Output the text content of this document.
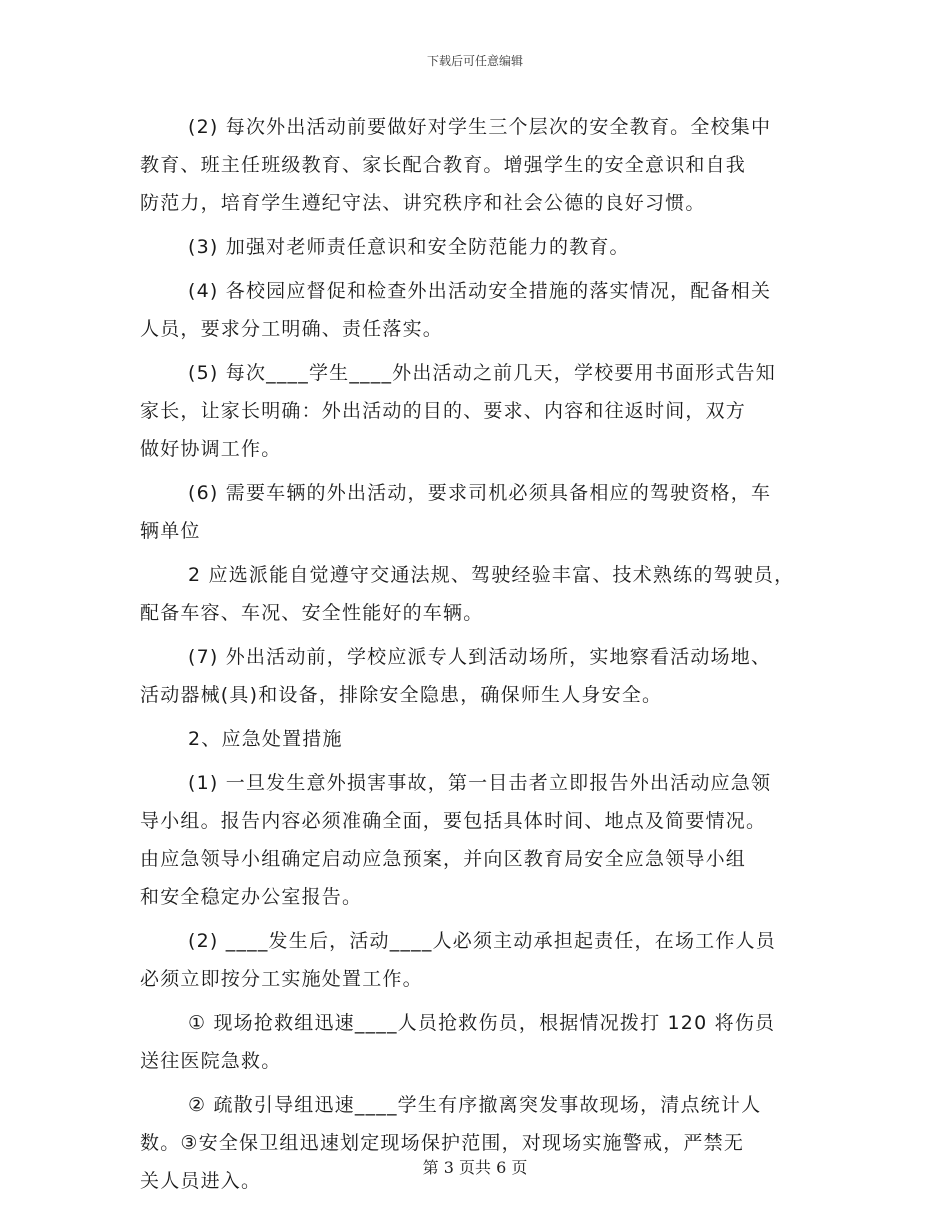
下载后可任意编辑
(2) 每次外出活动前要做好对学生三个层次的安全教育。全校集中
教育、班主任班级教育、家长配合教育。增强学生的安全意识和自我
防范力，培育学生遵纪守法、讲究秩序和社会公德的良好习惯。
(3) 加强对老师责任意识和安全防范能力的教育。
(4) 各校园应督促和检查外出活动安全措施的落实情况，配备相关
人员，要求分工明确、责任落实。
(5) 每次____学生____外出活动之前几天，学校要用书面形式告知
家长，让家长明确：外出活动的目的、要求、内容和往返时间，双方
做好协调工作。
(6) 需要车辆的外出活动，要求司机必须具备相应的驾驶资格，车
辆单位
2 应选派能自觉遵守交通法规、驾驶经验丰富、技术熟练的驾驶员，
配备车容、车况、安全性能好的车辆。
(7) 外出活动前，学校应派专人到活动场所，实地察看活动场地、
活动器械(具)和设备，排除安全隐患，确保师生人身安全。
2、应急处置措施
(1) 一旦发生意外损害事故，第一目击者立即报告外出活动应急领
导小组。报告内容必须准确全面，要包括具体时间、地点及简要情况。
由应急领导小组确定启动应急预案，并向区教育局安全应急领导小组
和安全稳定办公室报告。
(2) ____发生后，活动____人必须主动承担起责任，在场工作人员
必须立即按分工实施处置工作。
① 现场抢救组迅速____人员抢救伤员，根据情况拨打 120 将伤员
送往医院急救。
② 疏散引导组迅速____学生有序撤离突发事故现场，清点统计人
数。③安全保卫组迅速划定现场保护范围，对现场实施警戒，严禁无
关人员进入。
第 3 页共 6 页
